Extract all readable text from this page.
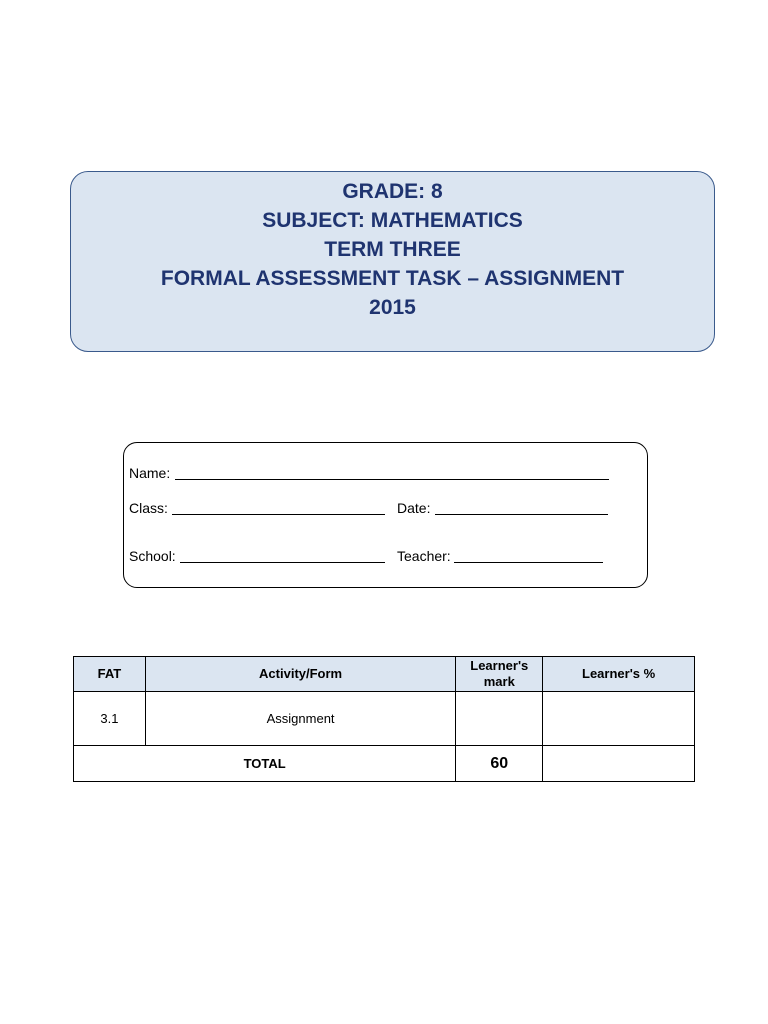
GRADE: 8
SUBJECT: MATHEMATICS
TERM THREE
FORMAL ASSESSMENT TASK – ASSIGNMENT
2015
Name:
Class:	Date:
School:	Teacher:
FAT	Activity/Form	Learner's mark	Learner's %
3.1	Assignment		
TOTAL		60	
